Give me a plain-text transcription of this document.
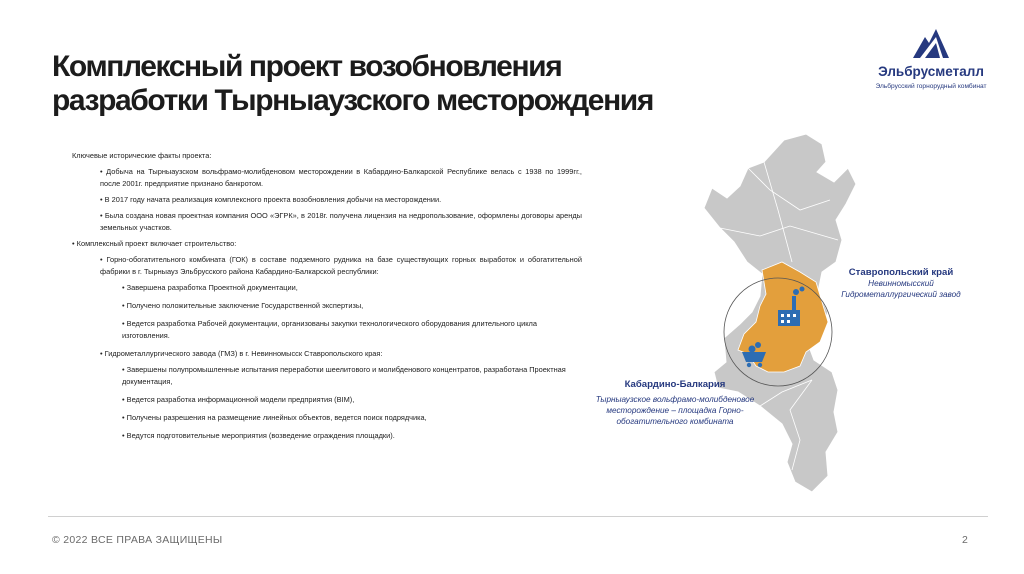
Комплексный проект возобновления
разработки Тырныаузского месторождения
Эльбрусметалл
Эльбрусский горнорудный комбинат

Ключевые исторические факты проекта:

• Добыча на Тырныаузском вольфрамо-молибденовом месторождении в Кабардино-Балкарской Республике велась с 1938 по 1999гг., после 2001г. предприятие признано банкротом.

• В 2017 году начата реализация комплексного проекта возобновления добычи на месторождении.

• Была создана новая проектная компания ООО «ЭГРК», в 2018г. получена лицензия на недропользование, оформлены договоры аренды земельных участков.

• Комплексный проект включает строительство:

• Горно-обогатительного комбината (ГОК) в составе подземного рудника на базе существующих горных выработок и обогатительной фабрики в г. Тырныауз Эльбрусского района Кабардино-Балкарской республики:

• Завершена разработка Проектной документации,

• Получено положительные заключение Государственной экспертизы,

• Ведется разработка Рабочей документации, организованы закупки технологического оборудования длительного цикла изготовления.

• Гидрометаллургического завода (ГМЗ) в г. Невинномысск Ставропольского края:

• Завершены полупромышленные испытания переработки шеелитового и молибденового концентратов, разработана Проектная документация,

• Ведется разработка информационной модели предприятия (BIM),

• Получены разрешения на размещение линейных объектов, ведется поиск подрядчика,

• Ведутся подготовительные мероприятия (возведение ограждения площадки).

Ставропольский край
Невинномысский Гидрометаллургический завод
Кабардино-Балкария
Тырныаузское вольфрамо-молибденовое месторождение – площадка Горно-обогатительного комбината
© 2022 ВСЕ ПРАВА ЗАЩИЩЕНЫ	2
